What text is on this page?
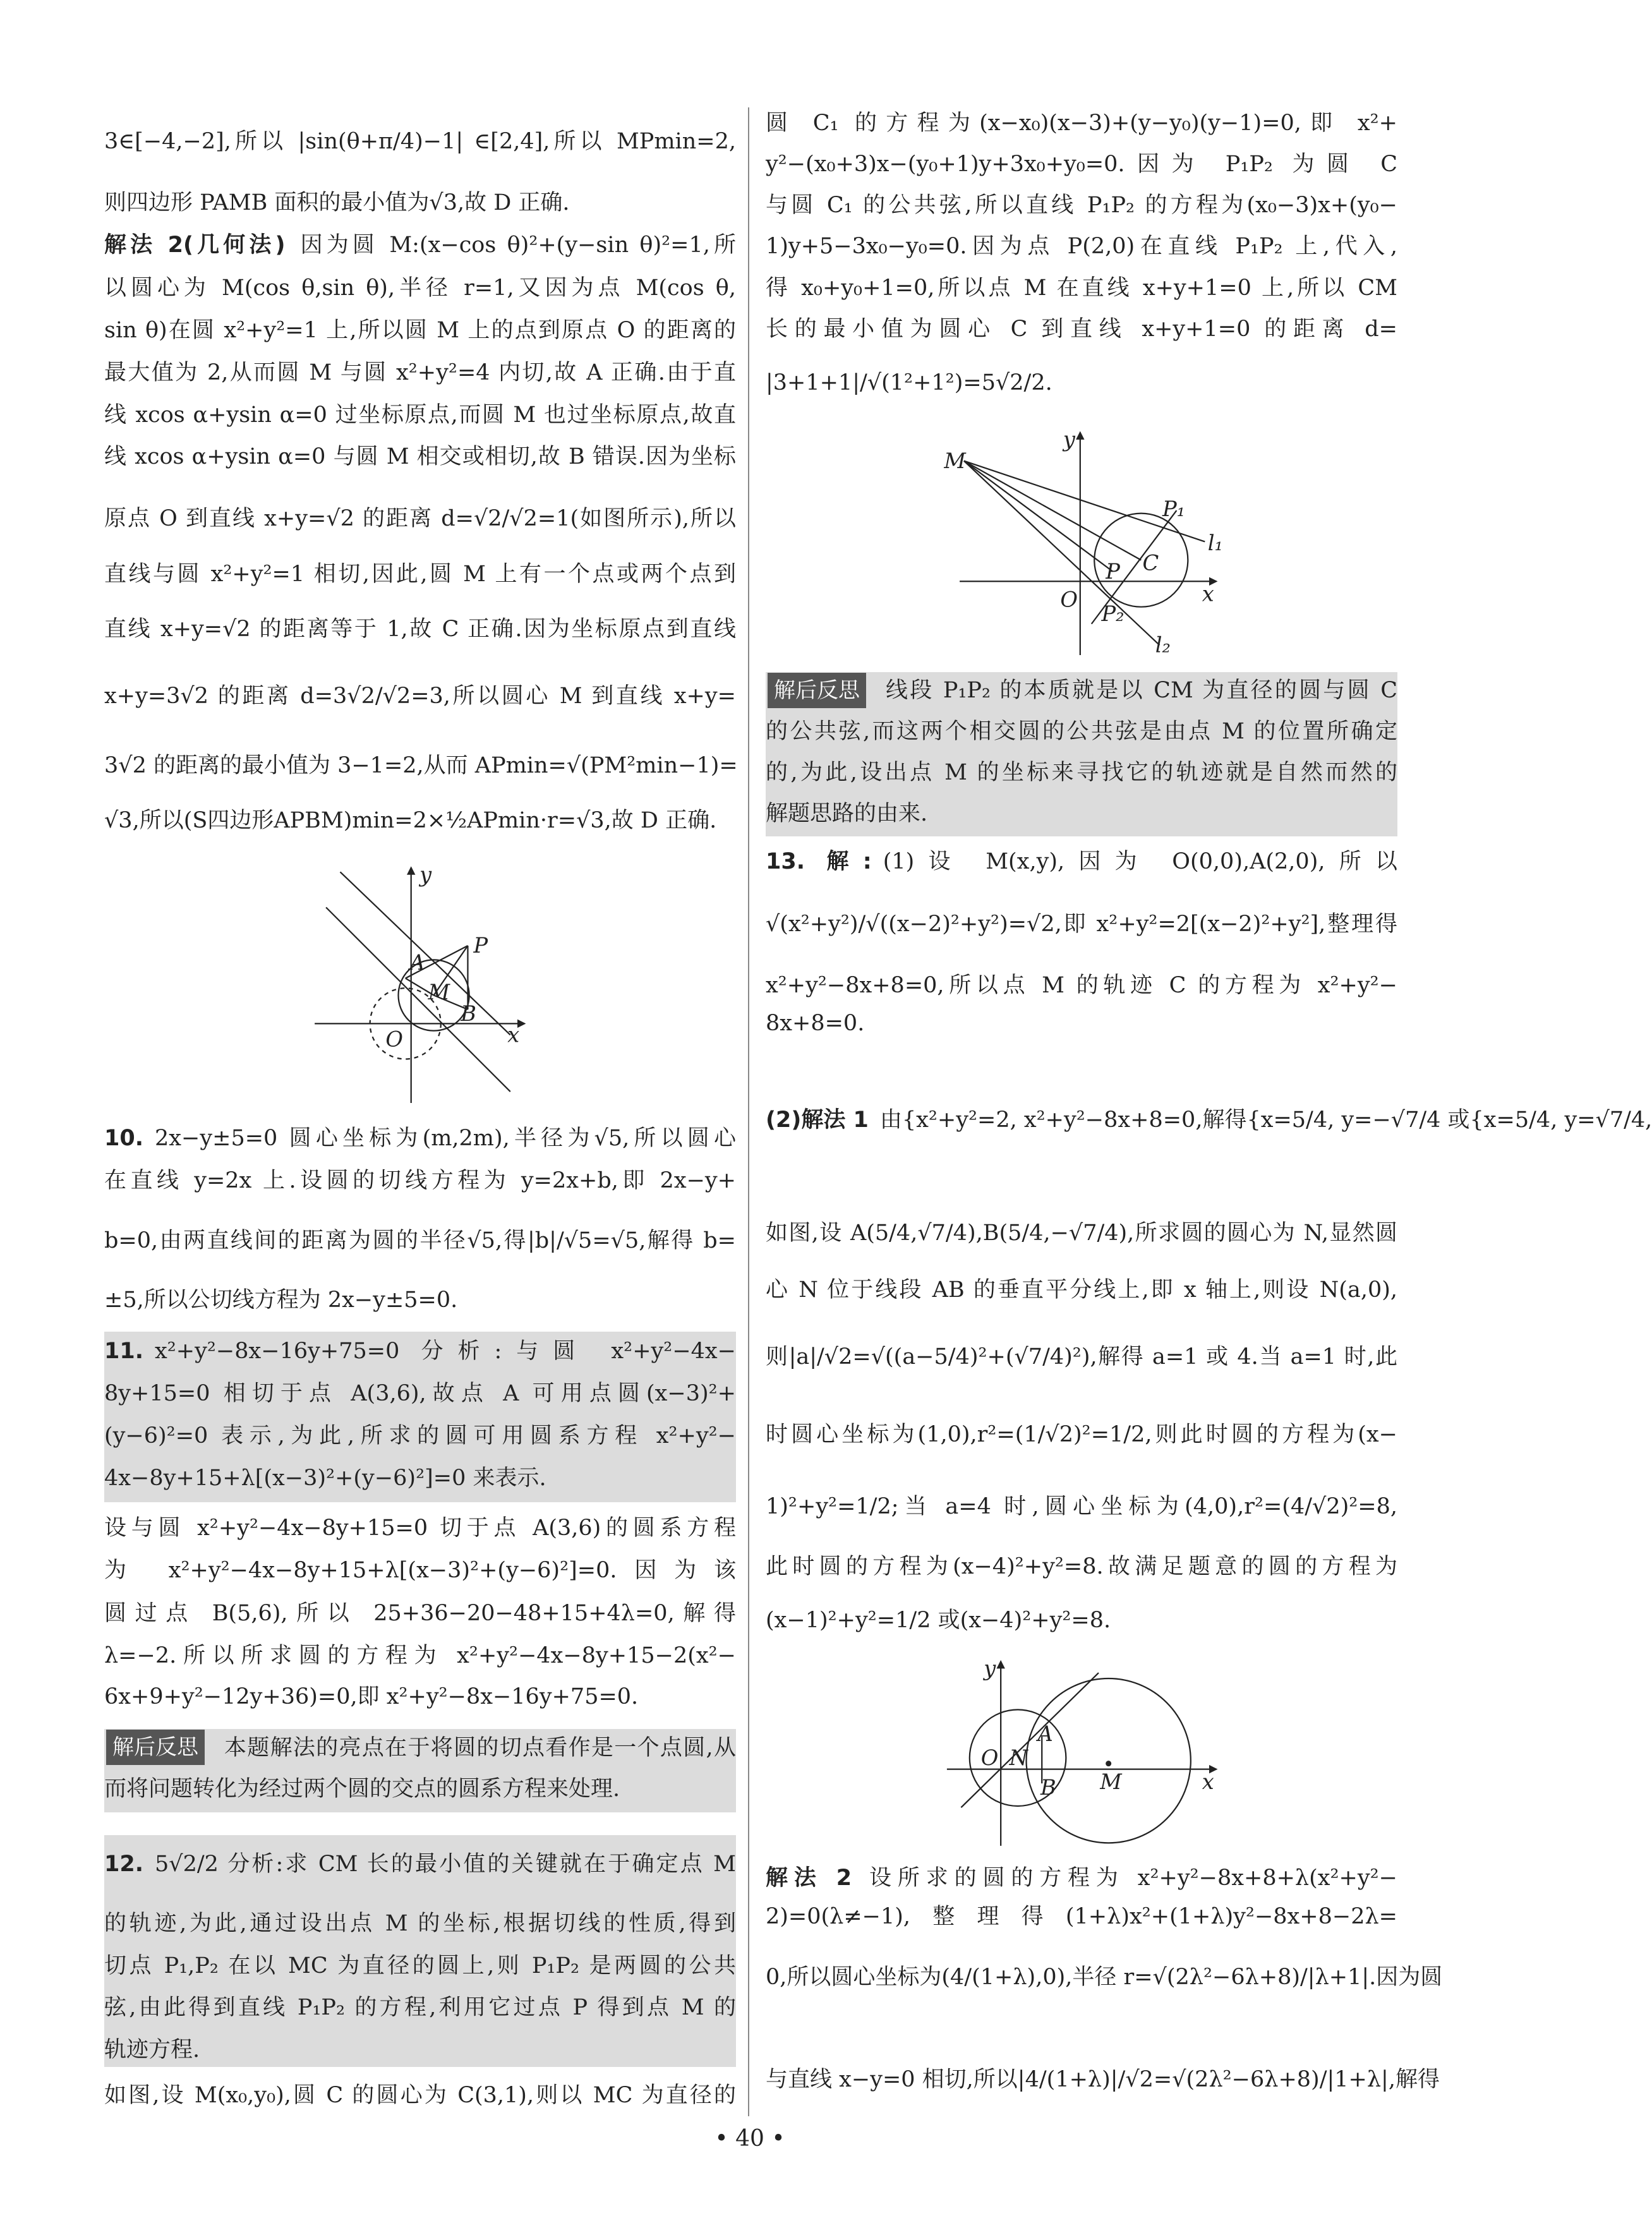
解后反思
解后反思
3∈[−4,−2],所以 |sin(θ+π/4)−1| ∈[2,4],所以 MPmin=2,
则四边形 PAMB 面积的最小值为√3,故 D 正确.
解法 2(几何法) 因为圆 M:(x−cos θ)²+(y−sin θ)²=1,所
以圆心为 M(cos θ,sin θ),半径 r=1,又因为点 M(cos θ,
sin θ)在圆 x²+y²=1 上,所以圆 M 上的点到原点 O 的距离的
最大值为 2,从而圆 M 与圆 x²+y²=4 内切,故 A 正确.由于直
线 xcos α+ysin α=0 过坐标原点,而圆 M 也过坐标原点,故直
线 xcos α+ysin α=0 与圆 M 相交或相切,故 B 错误.因为坐标
原点 O 到直线 x+y=√2 的距离 d=√2/√2=1(如图所示),所以
直线与圆 x²+y²=1 相切,因此,圆 M 上有一个点或两个点到
直线 x+y=√2 的距离等于 1,故 C 正确.因为坐标原点到直线
x+y=3√2 的距离 d=3√2/√2=3,所以圆心 M 到直线 x+y=
3√2 的距离的最小值为 3−1=2,从而 APmin=√(PM²min−1)=
√3,所以(S四边形APBM)min=2×½APmin·r=√3,故 D 正确.
10. 2x−y±5=0 圆心坐标为(m,2m),半径为√5,所以圆心
在直线 y=2x 上.设圆的切线方程为 y=2x+b,即 2x−y+
b=0,由两直线间的距离为圆的半径√5,得|b|/√5=√5,解得 b=
±5,所以公切线方程为 2x−y±5=0.
11. x²+y²−8x−16y+75=0 分析:与圆 x²+y²−4x−
8y+15=0 相切于点 A(3,6),故点 A 可用点圆(x−3)²+
(y−6)²=0 表示,为此,所求的圆可用圆系方程 x²+y²−
4x−8y+15+λ[(x−3)²+(y−6)²]=0 来表示.
设与圆 x²+y²−4x−8y+15=0 切于点 A(3,6)的圆系方程
为 x²+y²−4x−8y+15+λ[(x−3)²+(y−6)²]=0.因为该
圆过点 B(5,6),所以 25+36−20−48+15+4λ=0,解得
λ=−2.所以所求圆的方程为 x²+y²−4x−8y+15−2(x²−
6x+9+y²−12y+36)=0,即 x²+y²−8x−16y+75=0.
本题解法的亮点在于将圆的切点看作是一个点圆,从
而将问题转化为经过两个圆的交点的圆系方程来处理.
12. 5√2/2 分析:求 CM 长的最小值的关键就在于确定点 M
的轨迹,为此,通过设出点 M 的坐标,根据切线的性质,得到
切点 P₁,P₂ 在以 MC 为直径的圆上,则 P₁P₂ 是两圆的公共
弦,由此得到直线 P₁P₂ 的方程,利用它过点 P 得到点 M 的
轨迹方程.
如图,设 M(x₀,y₀),圆 C 的圆心为 C(3,1),则以 MC 为直径的
圆 C₁ 的方程为(x−x₀)(x−3)+(y−y₀)(y−1)=0,即 x²+
y²−(x₀+3)x−(y₀+1)y+3x₀+y₀=0.因为 P₁P₂ 为圆 C
与圆 C₁ 的公共弦,所以直线 P₁P₂ 的方程为(x₀−3)x+(y₀−
1)y+5−3x₀−y₀=0.因为点 P(2,0)在直线 P₁P₂ 上,代入,
得 x₀+y₀+1=0,所以点 M 在直线 x+y+1=0 上,所以 CM
长的最小值为圆心 C 到直线 x+y+1=0 的距离 d=
|3+1+1|/√(1²+1²)=5√2/2.
线段 P₁P₂ 的本质就是以 CM 为直径的圆与圆 C
的公共弦,而这两个相交圆的公共弦是由点 M 的位置所确定
的,为此,设出点 M 的坐标来寻找它的轨迹就是自然而然的
解题思路的由来.
13. 解: (1)设 M(x,y),因为 O(0,0),A(2,0),所以
√(x²+y²)/√((x−2)²+y²)=√2,即 x²+y²=2[(x−2)²+y²],整理得
x²+y²−8x+8=0,所以点 M 的轨迹 C 的方程为 x²+y²−
8x+8=0.
(2)解法 1 由{x²+y²=2, x²+y²−8x+8=0,解得{x=5/4, y=−√7/4 或{x=5/4, y=√7/4,
如图,设 A(5/4,√7/4),B(5/4,−√7/4),所求圆的圆心为 N,显然圆
心 N 位于线段 AB 的垂直平分线上,即 x 轴上,则设 N(a,0),
则|a|/√2=√((a−5/4)²+(√7/4)²),解得 a=1 或 4.当 a=1 时,此
时圆心坐标为(1,0),r²=(1/√2)²=1/2,则此时圆的方程为(x−
1)²+y²=1/2;当 a=4 时,圆心坐标为(4,0),r²=(4/√2)²=8,
此时圆的方程为(x−4)²+y²=8.故满足题意的圆的方程为
(x−1)²+y²=1/2 或(x−4)²+y²=8.
解法 2 设所求的圆的方程为 x²+y²−8x+8+λ(x²+y²−
2)=0(λ≠−1),整理得(1+λ)x²+(1+λ)y²−8x+8−2λ=
0,所以圆心坐标为(4/(1+λ),0),半径 r=√(2λ²−6λ+8)/|λ+1|.因为圆
与直线 x−y=0 相切,所以|4/(1+λ)|/√2=√(2λ²−6λ+8)/|1+λ|,解得
y
x
P
A
M
B
O
M
y
x
P₁
l₁
P C
O
P₂
l₂
O N
A
B	M
y
x
• 40 •
